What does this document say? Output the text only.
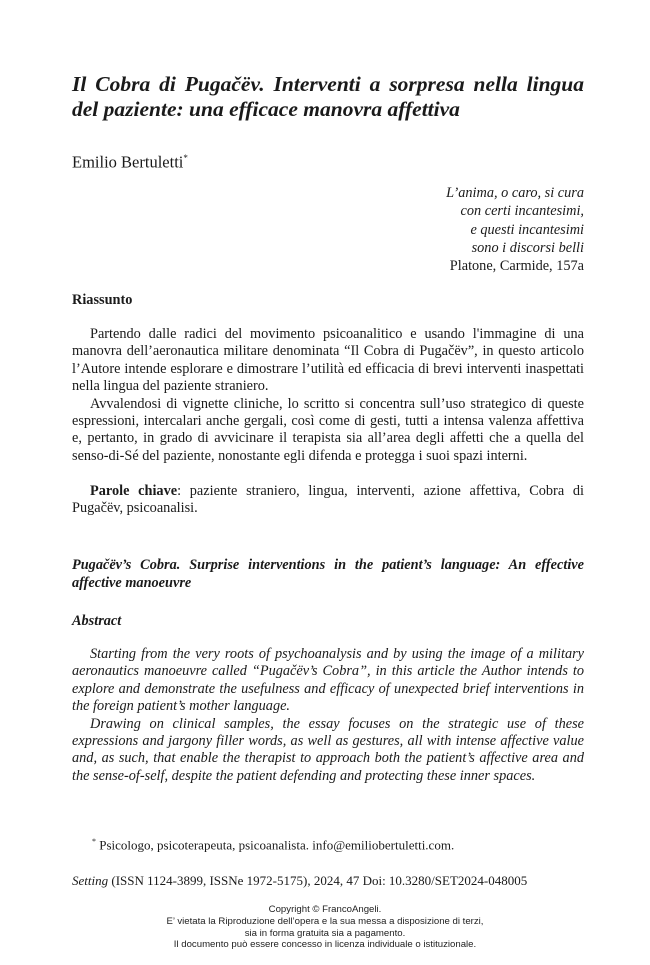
Il Cobra di Pugačëv. Interventi a sorpresa nella lingua del paziente: una efficace manovra affettiva
Emilio Bertuletti*
L’anima, o caro, si cura
con certi incantesimi,
e questi incantesimi
sono i discorsi belli
Platone, Carmide, 157a
Riassunto

Partendo dalle radici del movimento psicoanalitico e usando l'immagine di una manovra dell’aeronautica militare denominata “Il Cobra di Pugačëv”, in questo articolo l’Autore intende esplorare e dimostrare l’utilità ed efficacia di brevi interventi inaspettati nella lingua del paziente straniero.

Avvalendosi di vignette cliniche, lo scritto si concentra sull’uso strategico di queste espressioni, intercalari anche gergali, così come di gesti, tutti a intensa valenza affettiva e, pertanto, in grado di avvicinare il terapista sia all’area degli affetti che a quella del senso-di-Sé del paziente, nonostante egli difenda e protegga i suoi spazi interni.

Parole chiave: paziente straniero, lingua, interventi, azione affettiva, Cobra di Pugačëv, psicoanalisi.

Pugačëv’s Cobra. Surprise interventions in the patient’s language: An effective affective manoeuvre
Abstract

Starting from the very roots of psychoanalysis and by using the image of a military aeronautics manoeuvre called “Pugačëv’s Cobra”, in this article the Author intends to explore and demonstrate the usefulness and efficacy of unexpected brief interventions in the foreign patient’s mother language.

Drawing on clinical samples, the essay focuses on the strategic use of these expressions and jargony filler words, as well as gestures, all with intense affective value and, as such, that enable the therapist to approach both the patient’s affective area and the sense-of-self, despite the patient defending and protecting these inner spaces.

* Psicologo, psicoterapeuta, psicoanalista. info@emiliobertuletti.com.
Setting (ISSN 1124-3899, ISSNe 1972-5175), 2024, 47 Doi: 10.3280/SET2024-048005
Copyright © FrancoAngeli.
E’ vietata la Riproduzione dell’opera e la sua messa a disposizione di terzi,
sia in forma gratuita sia a pagamento.
Il documento può essere concesso in licenza individuale o istituzionale.
